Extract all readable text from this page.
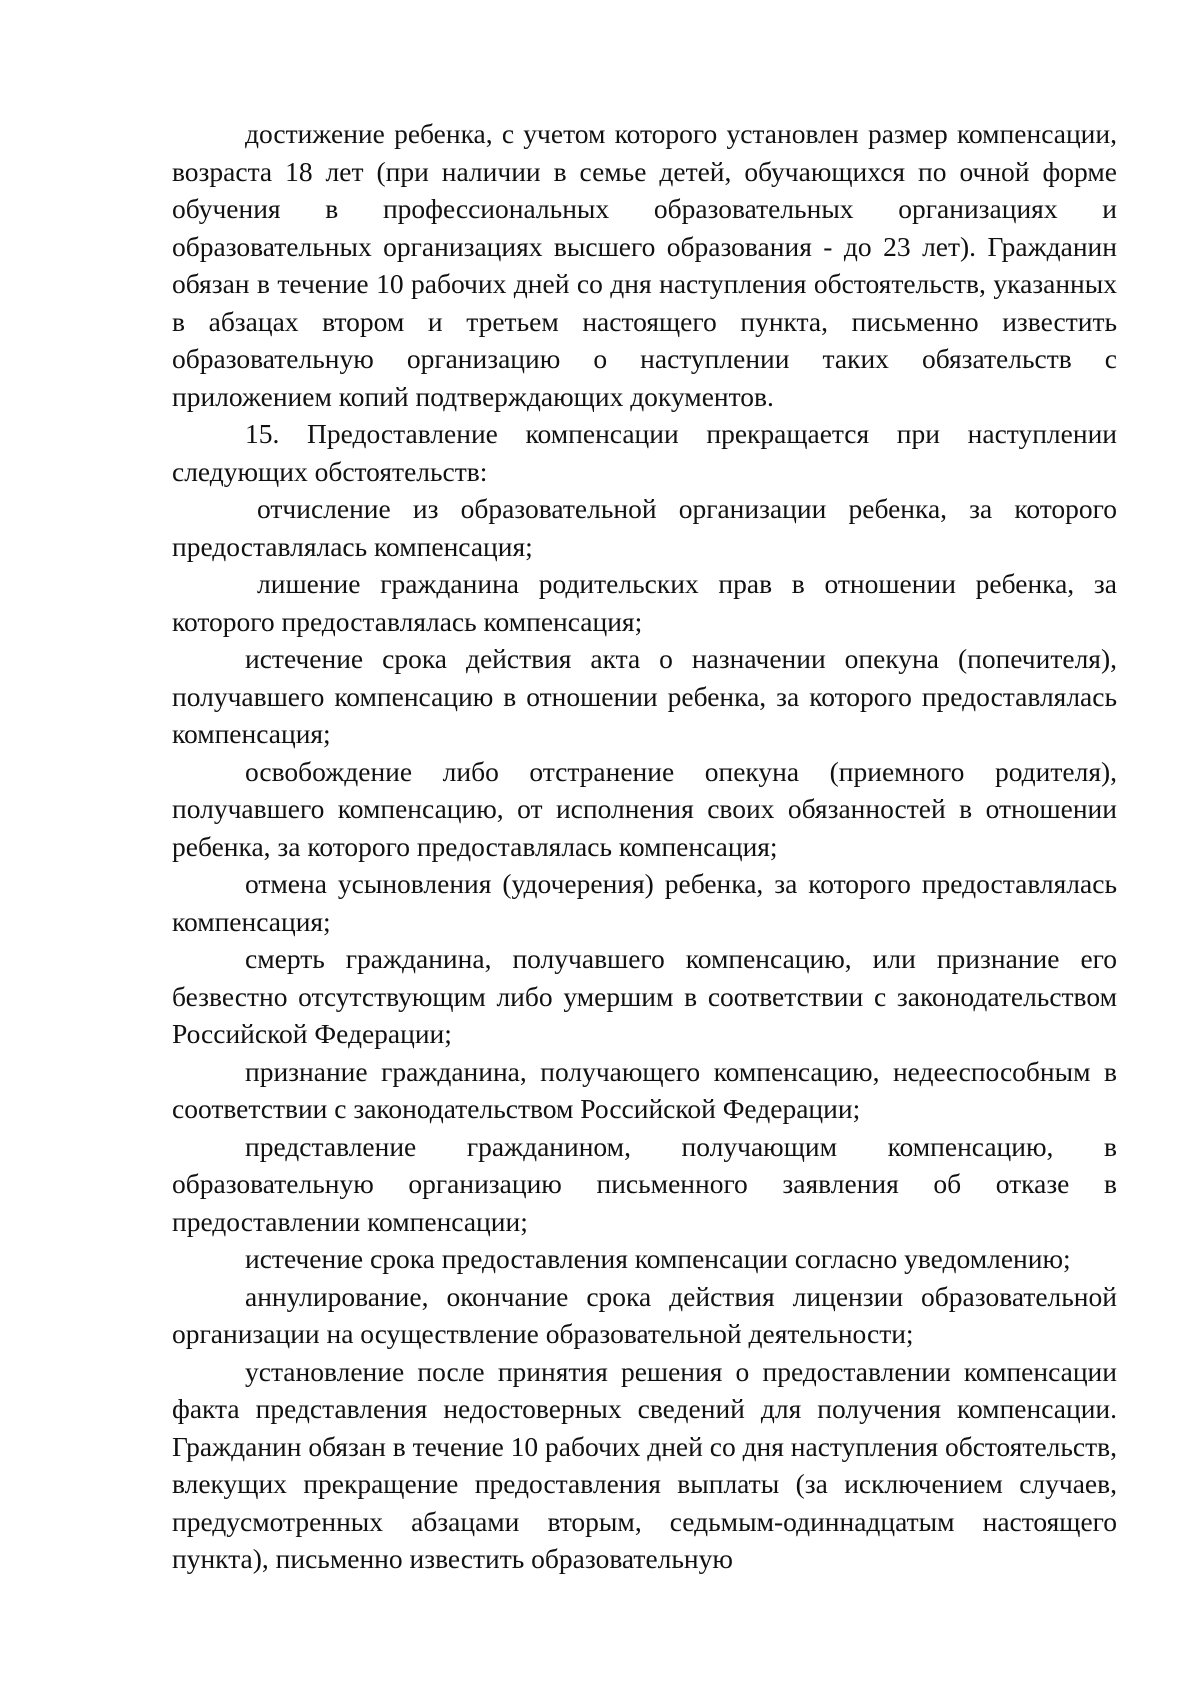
достижение ребенка, с учетом которого установлен размер компенсации, возраста 18 лет (при наличии в семье детей, обучающихся по очной форме обучения в профессиональных образовательных организациях и образовательных организациях высшего образования - до 23 лет). Гражданин обязан в течение 10 рабочих дней со дня наступления обстоятельств, указанных в абзацах втором и третьем настоящего пункта, письменно известить образовательную организацию о наступлении таких обязательств с приложением копий подтверждающих документов.

15. Предоставление компенсации прекращается при наступлении следующих обстоятельств:

отчисление из образовательной организации ребенка, за которого предоставлялась компенсация;

лишение гражданина родительских прав в отношении ребенка, за которого предоставлялась компенсация;

истечение срока действия акта о назначении опекуна (попечителя), получавшего компенсацию в отношении ребенка, за которого предоставлялась компенсация;

освобождение либо отстранение опекуна (приемного родителя), получавшего компенсацию, от исполнения своих обязанностей в отношении ребенка, за которого предоставлялась компенсация;

отмена усыновления (удочерения) ребенка, за которого предоставлялась компенсация;

смерть гражданина, получавшего компенсацию, или признание его безвестно отсутствующим либо умершим в соответствии с законодательством Российской Федерации;

признание гражданина, получающего компенсацию, недееспособным в соответствии с законодательством Российской Федерации;

представление гражданином, получающим компенсацию, в образовательную организацию письменного заявления об отказе в предоставлении компенсации;

истечение срока предоставления компенсации согласно уведомлению;

аннулирование, окончание срока действия лицензии образовательной организации на осуществление образовательной деятельности;

установление после принятия решения о предоставлении компенсации факта представления недостоверных сведений для получения компенсации. Гражданин обязан в течение 10 рабочих дней со дня наступления обстоятельств, влекущих прекращение предоставления выплаты (за исключением случаев, предусмотренных абзацами вторым, седьмым-одиннадцатым настоящего пункта), письменно известить образовательную
